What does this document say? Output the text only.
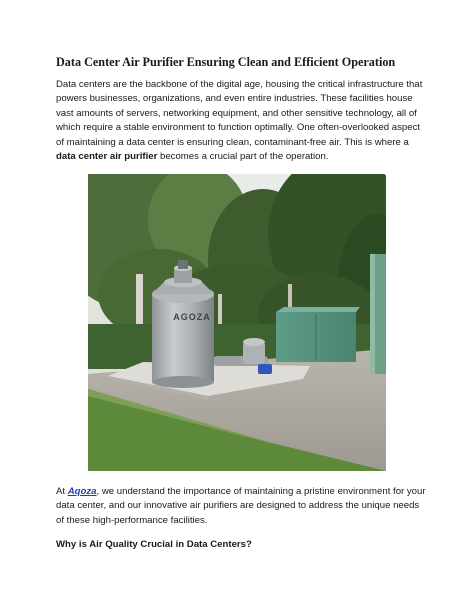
Data Center Air Purifier Ensuring Clean and Efficient Operation

Data centers are the backbone of the digital age, housing the critical infrastructure that powers businesses, organizations, and even entire industries. These facilities house vast amounts of servers, networking equipment, and other sensitive technology, all of which require a stable environment to function optimally. One often-overlooked aspect of maintaining a data center is ensuring clean, contaminant-free air. This is where a data center air purifier becomes a crucial part of the operation.

AGOZA

At Aqoza, we understand the importance of maintaining a pristine environment for your data center, and our innovative air purifiers are designed to address the unique needs of these high-performance facilities.

Why is Air Quality Crucial in Data Centers?
